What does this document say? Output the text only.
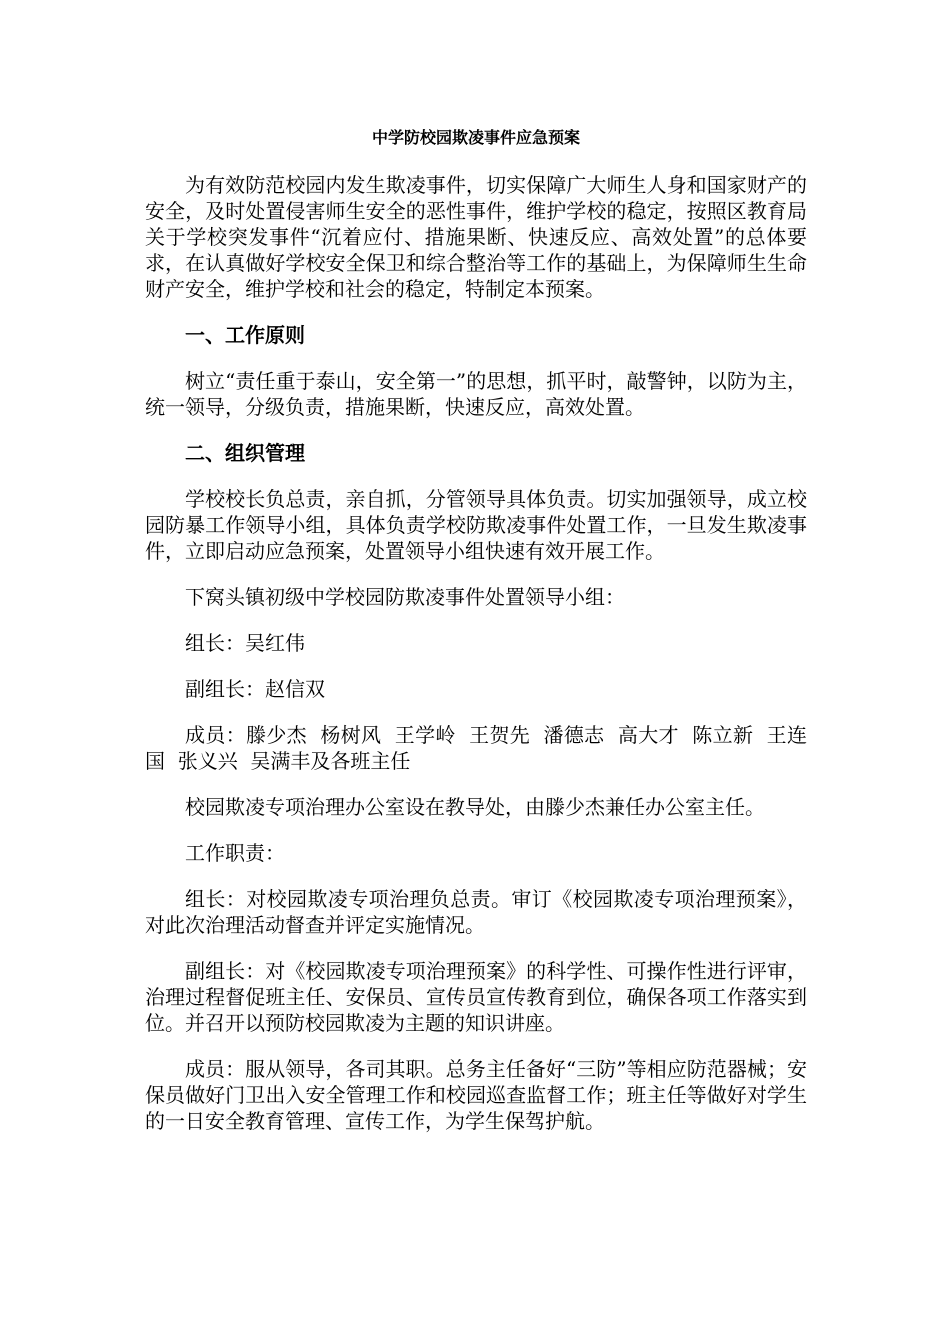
中学防校园欺凌事件应急预案

为有效防范校园内发生欺凌事件，切实保障广大师生人身和国家财产的安全，及时处置侵害师生安全的恶性事件，维护学校的稳定，按照区教育局关于学校突发事件“沉着应付、措施果断、快速反应、高效处置”的总体要求，在认真做好学校安全保卫和综合整治等工作的基础上，为保障师生生命财产安全，维护学校和社会的稳定，特制定本预案。

一、工作原则

树立“责任重于泰山，安全第一”的思想，抓平时，敲警钟，以防为主，统一领导，分级负责，措施果断，快速反应，高效处置。

二、组织管理

学校校长负总责，亲自抓，分管领导具体负责。切实加强领导，成立校园防暴工作领导小组，具体负责学校防欺凌事件处置工作，一旦发生欺凌事件，立即启动应急预案，处置领导小组快速有效开展工作。

下窝头镇初级中学校园防欺凌事件处置领导小组：

组长：吴红伟

副组长：赵信双

成员：滕少杰  杨树风  王学岭  王贺先  潘德志  高大才  陈立新  王连国  张义兴  吴满丰及各班主任

校园欺凌专项治理办公室设在教导处，由滕少杰兼任办公室主任。

工作职责：

组长：对校园欺凌专项治理负总责。审订《校园欺凌专项治理预案》，对此次治理活动督查并评定实施情况。

副组长：对《校园欺凌专项治理预案》的科学性、可操作性进行评审，治理过程督促班主任、安保员、宣传员宣传教育到位，确保各项工作落实到位。并召开以预防校园欺凌为主题的知识讲座。

成员：服从领导，各司其职。总务主任备好“三防”等相应防范器械；安保员做好门卫出入安全管理工作和校园巡查监督工作；班主任等做好对学生的一日安全教育管理、宣传工作，为学生保驾护航。
